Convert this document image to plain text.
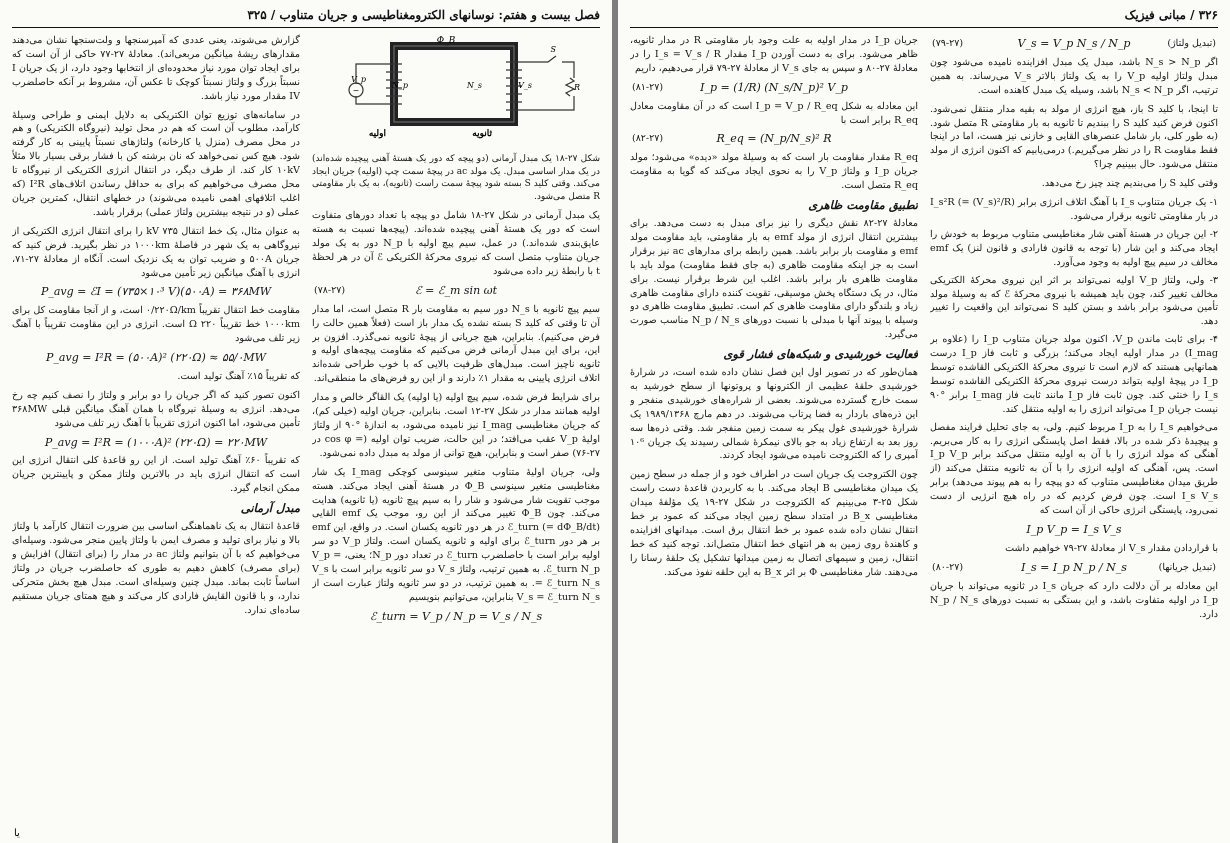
فصل بیست و هفتم: نوسانهای الکترومغناطیسی و جریان متناوب / ۳۲۵
~
Φ_B
V_p
N_p	N_s	V_s	R
S
اولیه	ثانویه
شکل ۲۷-۱۸ یک مبدل آرمانی (دو پیچه که دور یک هستهٔ آهنی پیچیده شده‌اند) در یک مدار اساسی مبدل. یک مولد ac در پیچهٔ سمت چپ (اولیه) جریان ایجاد می‌کند. وقتی کلید S بسته شود پیچهٔ سمت راست (ثانویه)، به یک بار مقاومتی R متصل می‌شود.

یک مبدل آرمانی در شکل ۲۷-۱۸ شامل دو پیچه با تعداد دورهای متفاوت است که دور یک هستهٔ آهنی پیچیده شده‌اند. (پیچه‌ها نسبت به هسته عایق‌بندی شده‌اند.) در عمل، سیم پیچ اولیه با N_p دور به یک مولد جریان متناوب متصل است که نیروی محرکهٔ الکتریکی ℰ آن در هر لحظهٔ t با رابطهٔ زیر داده می‌شود

ℰ = ℰ_m sin ωt
(۷۸-۲۷)

سیم پیچ ثانویه با N_s دور سیم به مقاومت بار R متصل است، اما مدار آن تا وقتی که کلید S بسته نشده یک مدار باز است (فعلاً همین حالت را فرض می‌کنیم). بنابراین، هیچ جریانی از پیچهٔ ثانویه نمی‌گذرد. افزون بر این، برای این مبدل آرمانی فرض می‌کنیم که مقاومت پیچه‌های اولیه و ثانویه ناچیز است. مبدل‌های ظرفیت بالایی که با خوب طراحی شده‌اند اتلاف انرژی پایینی به مقدار ۱٪ دارند و از این رو فرض‌های ما منطقی‌اند.

برای شرایط فرض شده، سیم پیچ اولیه (یا اولیه) یک القاگر خالص و مدار اولیه همانند مدار در شکل ۲۷-۱۲ است. بنابراین، جریان اولیه (خیلی کم)، که جریان مغناطیسی I_mag نیز نامیده می‌شود، به اندازهٔ °۹۰ از ولتاژ اولیهٔ V_p عقب می‌افتد؛ در این حالت، ضریب توان اولیه (= cos φ در ۲۷-۷۶) صفر است و بنابراین، هیچ توانی از مولد به مبدل داده نمی‌شود.

ولی، جریان اولیهٔ متناوب متغیر سینوسی کوچکی I_mag یک شار مغناطیسی متغیر سینوسی Φ_B در هستهٔ آهنی ایجاد می‌کند. هسته موجب تقویت شار می‌شود و شار را به سیم پیچ ثانویه (یا ثانویه) هدایت می‌کند. چون Φ_B تغییر می‌کند از این رو، موجب یک emf القایی ℰ_turn (= dΦ_B/dt) در هر دور ثانویه یکسان است. در واقع، این emf بر هر دور ℰ_turn برای اولیه و ثانویه یکسان است. ولتاژ V_p دو سر اولیه برابر است با حاصلضرب ℰ_turn در تعداد دور N_p؛ یعنی، V_p = ℰ_turn N_p. به همین ترتیب، ولتاژ V_s دو سر ثانویه برابر است با V_s = ℰ_turn N_s. به همین ترتیب، در دو سر ثانویه ولتاژ عبارت است از V_s = ℰ_turn N_s بنابراین، می‌توانیم بنویسیم

ℰ_turn = V_p / N_p = V_s / N_s

گزارش می‌شوند، یعنی عددی که آمپرسنجها و ولت‌سنجها نشان می‌دهند مقدارهای ریشهٔ میانگین مربعی‌اند). معادلهٔ ۲۷-۷۷ حاکی از آن است که برای ایجاد توان مورد نیاز محدوده‌ای از انتخابها وجود دارد، از یک جریان I نسبتاً بزرگ و ولتاژ نسبتاً کوچک تا عکس آن، مشروط بر آنکه حاصلضرب IV مقدار مورد نیاز باشد.

در سامانه‌های توزیع توان الکتریکی به دلایل ایمنی و طراحی وسیلهٔ کارآمد، مطلوب آن است که هم در محل تولید (نیروگاه الکتریکی) و هم در محل مصرف (منزل یا کارخانه) ولتاژهای نسبتاً پایینی به کار گرفته شود. هیچ کس نمی‌خواهد که نان برشته کن با فشار برقی بسیار بالا مثلاً ۱۰kV کار کند. از طرف دیگر، در انتقال انرژی الکتریکی از نیروگاه تا محل مصرف می‌خواهیم که برای به حداقل رساندن اتلاف‌های I²R (که اغلب اتلافهای اهمی نامیده می‌شوند) در خطهای انتقال، کمترین جریان عملی (و در نتیجه بیشترین ولتاژ عملی) برقرار باشد.

به عنوان مثال، یک خط انتقال ۷۳۵ kV را برای انتقال انرژی الکتریکی از نیروگاهی به یک شهر در فاصلهٔ ۱۰۰۰km در نظر بگیرید. فرض کنید که جریان ۵۰۰A و ضریب توان به یک نزدیک است. آنگاه از معادلهٔ ۲۷-۷۱، انرژی با آهنگ میانگین زیر تأمین می‌شود

P_avg = ℰI = (۷۳۵×۱۰³ V)(۵۰۰A) = ۳۶۸MW

مقاومت خط انتقال تقریباً ۰/۲۲۰Ω/km است، و از آنجا مقاومت کل برای ۱۰۰۰km خط تقریباً ۲۲۰ Ω است. انرژی در این مقاومت تقریباً با آهنگ زیر تلف می‌شود

P_avg = I²R = (۵۰۰A)² (۲۲۰Ω) ≈ ۵۵/۰MW

که تقریباً ۱۵٪ آهنگ تولید است.

اکنون تصور کنید که اگر جریان را دو برابر و ولتاژ را نصف کنیم چه رخ می‌دهد. انرژی به وسیلهٔ نیروگاه با همان آهنگ میانگین قبلی ۳۶۸MW تأمین می‌شود، اما اکنون انرژی تقریباً با آهنگ زیر تلف می‌شود

P_avg = I²R = (۱۰۰۰A)² (۲۲۰Ω) = ۲۲۰MW

که تقریباً ۶۰٪ آهنگ تولید است. از این رو قاعدهٔ کلی انتقال انرژی این است که انتقال انرژی باید در بالاترین ولتاژ ممکن و پایینترین جریان ممکن انجام گیرد.

مبدل آرمانی

قاعدهٔ انتقال به یک ناهماهنگی اساسی بین ضرورت انتقال کارآمد با ولتاژ بالا و نیاز برای تولید و مصرف ایمن با ولتاژ پایین منجر می‌شود. وسیله‌ای می‌خواهیم که با آن بتوانیم ولتاژ ac در مدار را (برای انتقال) افزایش و (برای مصرف) کاهش دهیم به طوری که حاصلضرب جریان در ولتاژ اساساً ثابت بماند. مبدل چنین وسیله‌ای است. مبدل هیچ بخش متحرکی ندارد، و با قانون القایش فارادی کار می‌کند و هیچ همتای جریان مستقیم ساده‌ای ندارد.

یا
۳۲۶ / مبانی فیزیک
V_s = V_p N_s / N_p	(تبدیل ولتاژ)
(۷۹-۲۷)

اگر N_s > N_p باشد، مبدل یک مبدل افزاینده نامیده می‌شود چون مبدل ولتاژ اولیه V_p را به یک ولتاژ بالاتر V_s می‌رساند. به همین ترتیب، اگر N_s < N_p باشد، وسیله یک مبدل کاهنده است.

تا اینجا، با کلید S باز، هیچ انرژی از مولد به بقیه مدار منتقل نمی‌شود. اکنون فرض کنید کلید S را ببندیم تا ثانویه به بار مقاومتی R متصل شود. (به طور کلی، بار شامل عنصرهای القایی و خازنی نیز هست، اما در اینجا فقط مقاومت R را در نظر می‌گیریم.) درمی‌یابیم که اکنون انرژی از مولد منتقل می‌شود. حال ببینیم چرا؟

وقتی کلید S را می‌بندیم چند چیز رخ می‌دهد.

۱- یک جریان متناوب I_s با آهنگ اتلاف انرژی برابر I_s²R (= (V_s)²/R) در بار مقاومتی ثانویه برقرار می‌شود.
۲- این جریان در هستهٔ آهنی شار مغناطیسی متناوب مربوط به خودش را ایجاد می‌کند و این شار (با توجه به قانون فارادی و قانون لنز) یک emf مخالف در سیم پیچ اولیه به وجود می‌آورد.
۳- ولی، ولتاژ V_p اولیه نمی‌تواند بر اثر این نیروی محرکهٔ الکتریکی مخالف تغییر کند، چون باید همیشه با نیروی محرکهٔ ℰ که به وسیلهٔ مولد تأمین می‌شود برابر باشد و بستن کلید S نمی‌تواند این واقعیت را تغییر دهد.
۴- برای ثابت ماندن V_p، اکنون مولد جریان متناوب I_p را (علاوه بر I_mag) در مدار اولیه ایجاد می‌کند؛ بزرگی و ثابت فاز I_p درست همانهایی هستند که لازم است تا نیروی محرکهٔ الکتریکی القاشده توسط I_p در پیچهٔ اولیه بتواند درست نیروی محرکهٔ الکتریکی القاشده توسط I_s را خنثی کند. چون ثابت فاز I_p مانند ثابت فاز I_mag برابر °۹۰ نیست جریان I_p می‌تواند انرژی را به اولیه منتقل کند.

می‌خواهیم I_s را به I_p مربوط کنیم. ولی، به جای تحلیل فرایند مفصل و پیچیدهٔ ذکر شده در بالا، فقط اصل پایستگی انرژی را به کار می‌بریم. آهنگی که مولد انرژی را با آن به اولیه منتقل می‌کند برابر I_p V_p است. پس، آهنگی که اولیه انرژی را با آن به ثانویه منتقل می‌کند (از طریق میدان مغناطیسی متناوب که دو پیچه را به هم پیوند می‌دهد) برابر I_s V_s است. چون فرض کردیم که در راه هیچ انرژیی از دست نمی‌رود، پایستگی انرژی حاکی از آن است که

I_p V_p = I_s V_s

با قراردادن مقدار V_s از معادلهٔ ۲۷-۷۹ خواهیم داشت

I_s = I_p N_p / N_s	(تبدیل جریانها)
(۸۰-۲۷)

این معادله بر آن دلالت دارد که جریان I_s در ثانویه می‌تواند با جریان I_p در اولیه متفاوت باشد، و این بستگی به نسبت دورهای N_p / N_s دارد.

جریان I_p در مدار اولیه به علت وجود بار مقاومتی R در مدار ثانویه، ظاهر می‌شود. برای به دست آوردن I_p مقدار I_s = V_s / R را در معادلهٔ ۲۷-۸۰ و سپس به جای V_s از معادلهٔ ۲۷-۷۹ قرار می‌دهیم، داریم

I_p = (1/R) (N_s/N_p)² V_p
(۸۱-۲۷)

این معادله به شکل I_p = V_p / R_eq است که در آن مقاومت معادل R_eq برابر است با

R_eq = (N_p/N_s)² R
(۸۲-۲۷)

R_eq مقدار مقاومت بار است که به وسیلهٔ مولد «دیده» می‌شود؛ مولد جریان I_p و ولتاژ V_p را به نحوی ایجاد می‌کند که گویا به مقاومت R_eq متصل است.

تطبیق مقاومت ظاهری

معادلهٔ ۲۷-۸۲ نقش دیگری را نیز برای مبدل به دست می‌دهد. برای بیشترین انتقال انرژی از مولد emf به بار مقاومتی، باید مقاومت مولد emf و مقاومت بار برابر باشد. همین رابطه برای مدارهای ac نیز برقرار است به جز اینکه مقاومت ظاهری (به جای فقط مقاومت) مولد باید با مقاومت ظاهری بار برابر باشد. اغلب این شرط برقرار نیست. برای مثال، در یک دستگاه پخش موسیقی، تقویت کننده دارای مقاومت ظاهری زیاد و بلندگو دارای مقاومت ظاهری کم است. تطبیق مقاومت ظاهری دو وسیله با پیوند آنها با مبدلی با نسبت دورهای N_p / N_s مناسب صورت می‌گیرد.

فعالیت خورشیدی و شبکه‌های فشار قوی

همان‌طور که در تصویر اول این فصل نشان داده شده است، در شرارهٔ خورشیدی حلقهٔ عظیمی از الکترونها و پروتونها از سطح خورشید به سمت خارج گسترده می‌شوند. بعضی از شراره‌های خورشیدی منفجر و این ذره‌های باردار به فضا پرتاب می‌شوند. در دهم مارچ ۱۹۸۹/۱۳۶۸ یک شرارهٔ خورشیدی غول پیکر به سمت زمین منفجر شد. وقتی ذره‌ها سه روز بعد به ارتفاع زیاد به جو بالای نیمکرهٔ شمالی رسیدند یک جریان ۱۰⁶ آمپری را که الکتروجت نامیده می‌شود ایجاد کردند.

چون الکتروجت یک جریان است در اطراف خود و از جمله در سطح زمین یک میدان مغناطیسی B ایجاد می‌کند. با به کاربردن قاعدهٔ دست راست شکل ۲۵-۳ می‌بینیم که الکتروجت در شکل ۲۷-۱۹ یک مؤلفهٔ میدان مغناطیسی B_x در امتداد سطح زمین ایجاد می‌کند که عمود بر خط انتقال نشان داده شده عمود بر خط انتقال برق است. میدانهای افزاینده و کاهندهٔ روی زمین به هر انتهای خط انتقال متصل‌اند. توجه کنید که خط انتقال، زمین و سیمهای اتصال به زمین میدانها تشکیل یک حلقهٔ رسانا را می‌دهند. شار مغناطیسی Φ بر اثر B_x به این حلقه نفوذ می‌کند.
